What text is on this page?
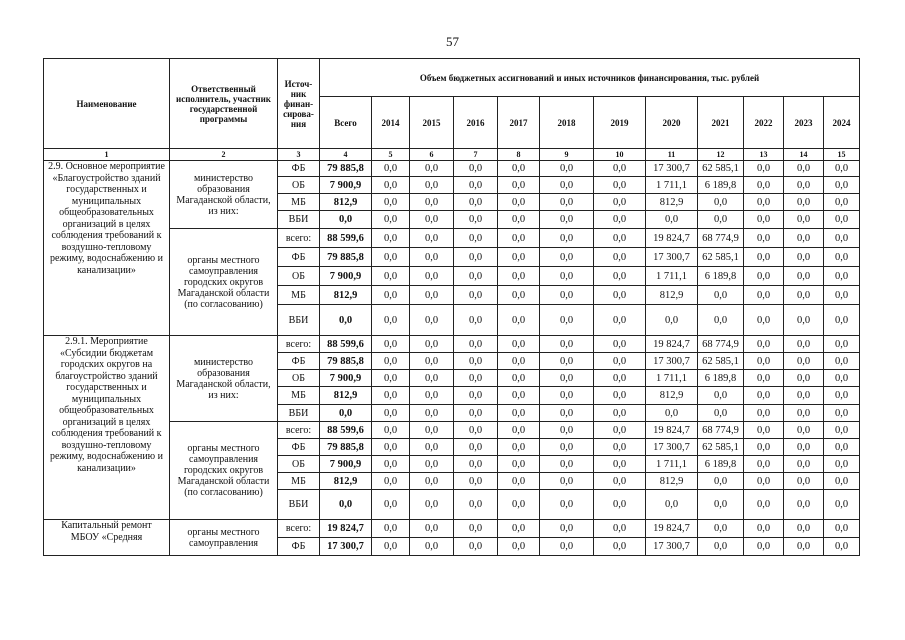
57
Наименование	Ответственный исполнитель, участник государственной программы	Источ-ник финан-сирова-ния	Объем бюджетных ассигнований и иных источников финансирования, тыс. рублей											
			Всего	2014	2015	2016	2017	2018	2019	2020	2021	2022	2023	2024
1	2	3	4	5	6	7	8	9	10	11	12	13	14	15
2.9. Основное мероприятие «Благоустройство зданий государственных и муниципальных общеобразовательных организаций в целях соблюдения требований к воздушно-тепловому режиму, водоснабжению и канализации»	министерство образования Магаданской области, из них:	ФБ	79 885,8	0,0	0,0	0,0	0,0	0,0	0,0	17 300,7	62 585,1	0,0	0,0	0,0
		ОБ	7 900,9	0,0	0,0	0,0	0,0	0,0	0,0	1 711,1	6 189,8	0,0	0,0	0,0
		МБ	812,9	0,0	0,0	0,0	0,0	0,0	0,0	812,9	0,0	0,0	0,0	0,0
		ВБИ	0,0	0,0	0,0	0,0	0,0	0,0	0,0	0,0	0,0	0,0	0,0	0,0
	органы местного самоуправления городских округов Магаданской области (по согласованию)	всего:	88 599,6	0,0	0,0	0,0	0,0	0,0	0,0	19 824,7	68 774,9	0,0	0,0	0,0
		ФБ	79 885,8	0,0	0,0	0,0	0,0	0,0	0,0	17 300,7	62 585,1	0,0	0,0	0,0
		ОБ	7 900,9	0,0	0,0	0,0	0,0	0,0	0,0	1 711,1	6 189,8	0,0	0,0	0,0
		МБ	812,9	0,0	0,0	0,0	0,0	0,0	0,0	812,9	0,0	0,0	0,0	0,0
		ВБИ	0,0	0,0	0,0	0,0	0,0	0,0	0,0	0,0	0,0	0,0	0,0	0,0
2.9.1. Мероприятие «Субсидии бюджетам городских округов на благоустройство зданий государственных и муниципальных общеобразовательных организаций в целях соблюдения требований к воздушно-тепловому режиму, водоснабжению и канализации»	министерство образования Магаданской области, из них:	всего:	88 599,6	0,0	0,0	0,0	0,0	0,0	0,0	19 824,7	68 774,9	0,0	0,0	0,0
		ФБ	79 885,8	0,0	0,0	0,0	0,0	0,0	0,0	17 300,7	62 585,1	0,0	0,0	0,0
		ОБ	7 900,9	0,0	0,0	0,0	0,0	0,0	0,0	1 711,1	6 189,8	0,0	0,0	0,0
		МБ	812,9	0,0	0,0	0,0	0,0	0,0	0,0	812,9	0,0	0,0	0,0	0,0
		ВБИ	0,0	0,0	0,0	0,0	0,0	0,0	0,0	0,0	0,0	0,0	0,0	0,0
	органы местного самоуправления городских округов Магаданской области (по согласованию)	всего:	88 599,6	0,0	0,0	0,0	0,0	0,0	0,0	19 824,7	68 774,9	0,0	0,0	0,0
		ФБ	79 885,8	0,0	0,0	0,0	0,0	0,0	0,0	17 300,7	62 585,1	0,0	0,0	0,0
		ОБ	7 900,9	0,0	0,0	0,0	0,0	0,0	0,0	1 711,1	6 189,8	0,0	0,0	0,0
		МБ	812,9	0,0	0,0	0,0	0,0	0,0	0,0	812,9	0,0	0,0	0,0	0,0
		ВБИ	0,0	0,0	0,0	0,0	0,0	0,0	0,0	0,0	0,0	0,0	0,0	0,0
Капитальный ремонт МБОУ «Средняя	органы местного самоуправления	всего:	19 824,7	0,0	0,0	0,0	0,0	0,0	0,0	19 824,7	0,0	0,0	0,0	0,0
		ФБ	17 300,7	0,0	0,0	0,0	0,0	0,0	0,0	17 300,7	0,0	0,0	0,0	0,0
